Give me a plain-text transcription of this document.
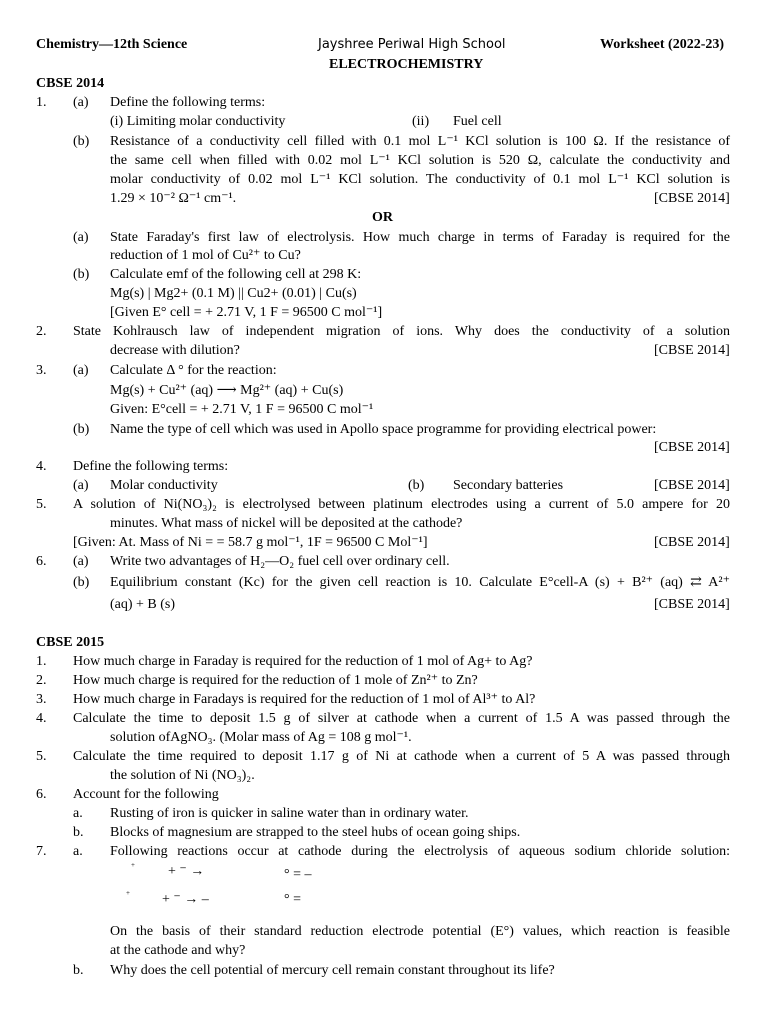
Chemistry—12th Science	Jayshree Periwal High School	Worksheet (2022-23)
ELECTROCHEMISTRY
CBSE 2014
1. (a) Define the following terms:
(i) Limiting molar conductivity	(ii) Fuel cell
(b) Resistance of a conductivity cell filled with 0.1 mol L⁻¹ KCl solution is 100 Ω. If the resistance of
the same cell when filled with 0.02 mol L⁻¹ KCl solution is 520 Ω, calculate the conductivity and
molar conductivity of 0.02 mol L⁻¹ KCl solution. The conductivity of 0.1 mol L⁻¹ KCl solution is
1.29 × 10⁻² Ω⁻¹ cm⁻¹.	[CBSE 2014]
OR
(a) State Faraday's first law of electrolysis. How much charge in terms of Faraday is required for the
reduction of 1 mol of Cu²⁺ to Cu?
(b) Calculate emf of the following cell at 298 K:
Mg(s) | Mg2+ (0.1 M) || Cu2+ (0.01) | Cu(s)
[Given E° cell = + 2.71 V, 1 F = 96500 C mol⁻¹]
2. State Kohlrausch law of independent migration of ions. Why does the conductivity of a solution
decrease with dilution?	[CBSE 2014]
3. (a) Calculate Δ ° for the reaction:
Mg(s) + Cu²⁺ (aq) ⟶ Mg²⁺ (aq) + Cu(s)
Given: E°cell = + 2.71 V, 1 F = 96500 C mol⁻¹
(b) Name the type of cell which was used in Apollo space programme for providing electrical power:
[CBSE 2014]
4. Define the following terms:
(a) Molar conductivity	(b) Secondary batteries	[CBSE 2014]
5. A solution of Ni(NO₃)₂ is electrolysed between platinum electrodes using a current of 5.0 ampere for 20
minutes. What mass of nickel will be deposited at the cathode?
[Given: At. Mass of Ni = = 58.7 g mol⁻¹, 1F = 96500 C Mol⁻¹]	[CBSE 2014]
6. (a) Write two advantages of H₂—O₂ fuel cell over ordinary cell.
(b) Equilibrium constant (Kc) for the given cell reaction is 10. Calculate E°cell-A (s) + B²⁺ (aq) ⇄ A²⁺
(aq) + B (s)	[CBSE 2014]
CBSE 2015
1. How much charge in Faraday is required for the reduction of 1 mol of Ag+ to Ag?
2. How much charge is required for the reduction of 1 mole of Zn²⁺ to Zn?
3. How much charge in Faradays is required for the reduction of 1 mol of Al³⁺ to Al?
4. Calculate the time to deposit 1.5 g of silver at cathode when a current of 1.5 A was passed through the
solution ofAgNO₃. (Molar mass of Ag = 108 g mol⁻¹.
5. Calculate the time required to deposit 1.17 g of Ni at cathode when a current of 5 A was passed through
the solution of Ni (NO₃)₂.
6. Account for the following
a. Rusting of iron is quicker in saline water than in ordinary water.
b. Blocks of magnesium are strapped to the steel hubs of ocean going ships.
7. a. Following reactions occur at cathode during the electrolysis of aqueous sodium chloride solution:
+ + ⁻ →	° = –
+ + ⁻ → –	° =
On the basis of their standard reduction electrode potential (E°) values, which reaction is feasible
at the cathode and why?
b. Why does the cell potential of mercury cell remain constant throughout its life?
